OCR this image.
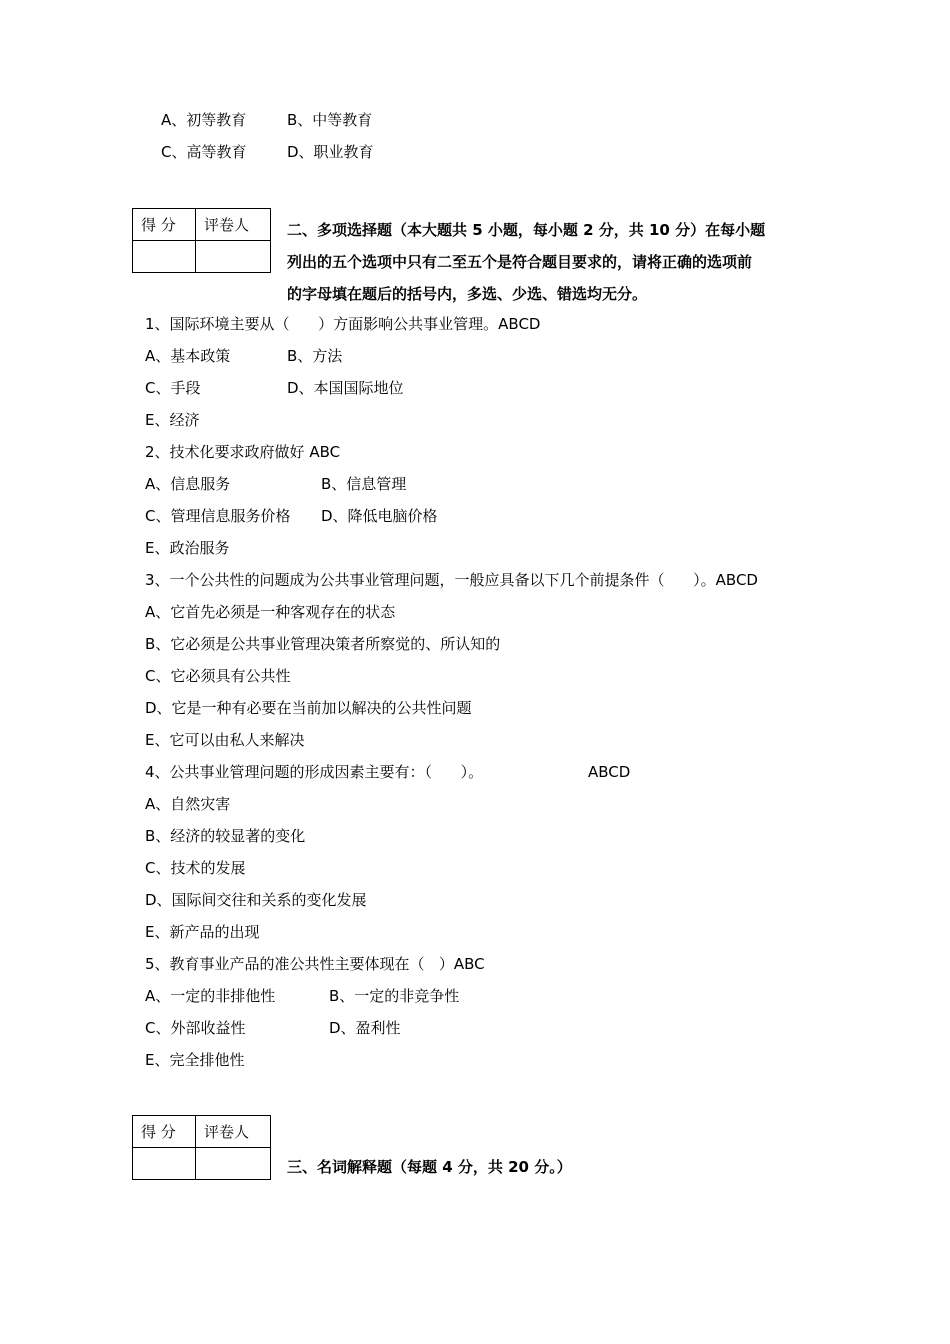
A、初等教育	B、中等教育
C、高等教育	D、职业教育
得 分	评卷人
		二、多项选择题（本大题共 5 小题，每小题 2 分，共 10 分）在每小题
列出的五个选项中只有二至五个是符合题目要求的，请将正确的选项前
的字母填在题后的括号内，多选、少选、错选均无分。
1、国际环境主要从（      ）方面影响公共事业管理。ABCD
A、基本政策	B、方法
C、手段	D、本国国际地位
E、经济
2、技术化要求政府做好 ABC
A、信息服务	B、信息管理
C、管理信息服务价格 D、降低电脑价格
E、政治服务
3、一个公共性的问题成为公共事业管理问题，一般应具备以下几个前提条件（      ）。ABCD
A、它首先必须是一种客观存在的状态
B、它必须是公共事业管理决策者所察觉的、所认知的
C、它必须具有公共性
D、它是一种有必要在当前加以解决的公共性问题
E、它可以由私人来解决
4、公共事业管理问题的形成因素主要有：（      ）。	ABCD
A、自然灾害
B、经济的较显著的变化
C、技术的发展
D、国际间交往和关系的变化发展
E、新产品的出现
5、教育事业产品的准公共性主要体现在（   ）ABC
A、一定的非排他性	B、一定的非竞争性
C、外部收益性	D、盈利性
E、完全排他性
得 分	评卷人

三、名词解释题（每题 4 分，共 20 分。）
